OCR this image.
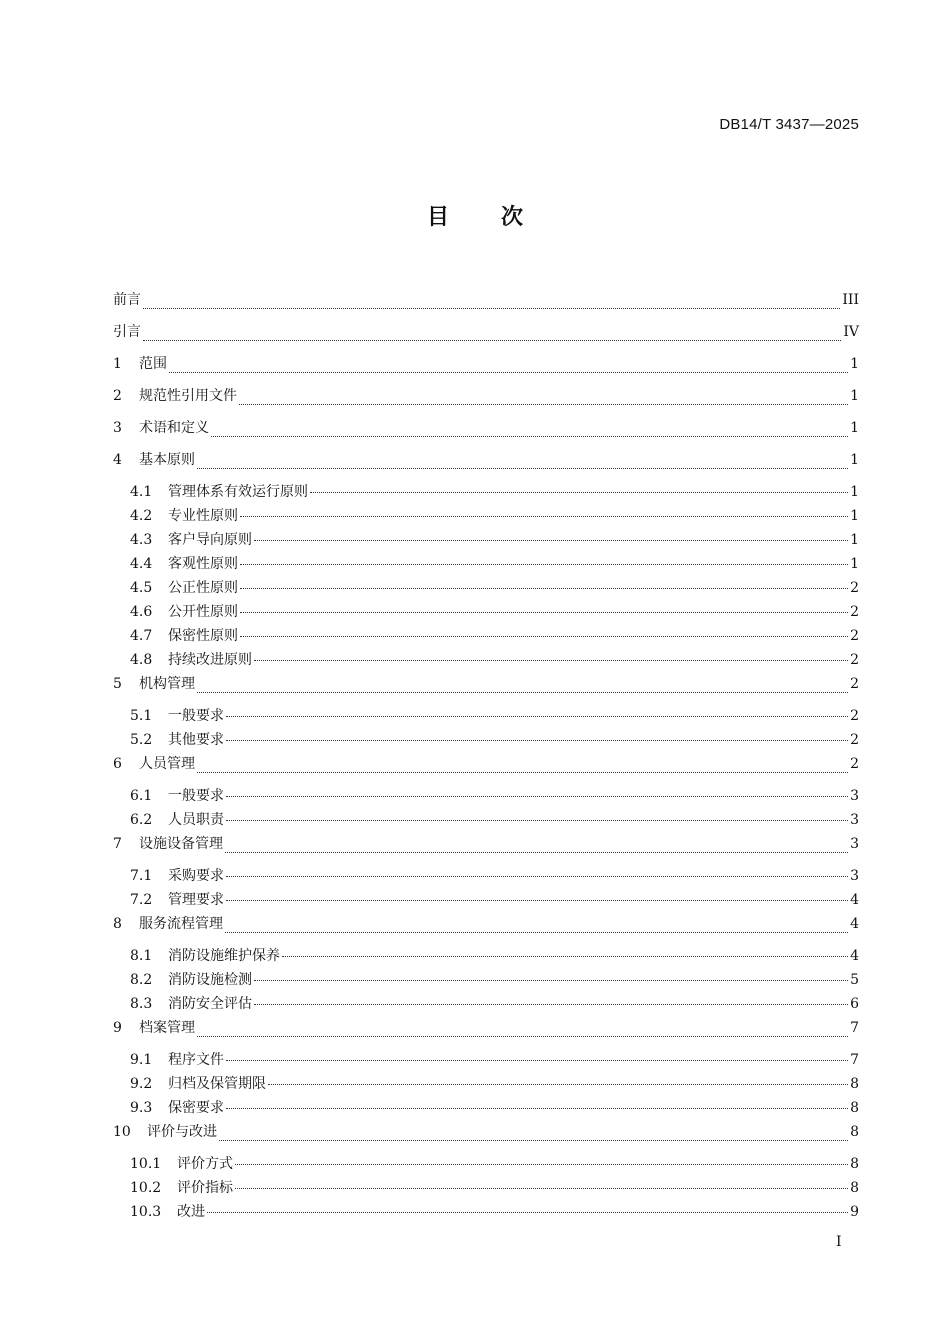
DB14/T 3437—2025
目 次
前言	III
引言	IV
1	范围	1
2	规范性引用文件	1
3	术语和定义	1
4	基本原则	1
4.1	管理体系有效运行原则	1
4.2	专业性原则	1
4.3	客户导向原则	1
4.4	客观性原则	1
4.5	公正性原则	2
4.6	公开性原则	2
4.7	保密性原则	2
4.8	持续改进原则	2
5	机构管理	2
5.1	一般要求	2
5.2	其他要求	2
6	人员管理	2
6.1	一般要求	3
6.2	人员职责	3
7	设施设备管理	3
7.1	采购要求	3
7.2	管理要求	4
8	服务流程管理	4
8.1	消防设施维护保养	4
8.2	消防设施检测	5
8.3	消防安全评估	6
9	档案管理	7
9.1	程序文件	7
9.2	归档及保管期限	8
9.3	保密要求	8
10	评价与改进	8
10.1	评价方式	8
10.2	评价指标	8
10.3	改进	9
I
